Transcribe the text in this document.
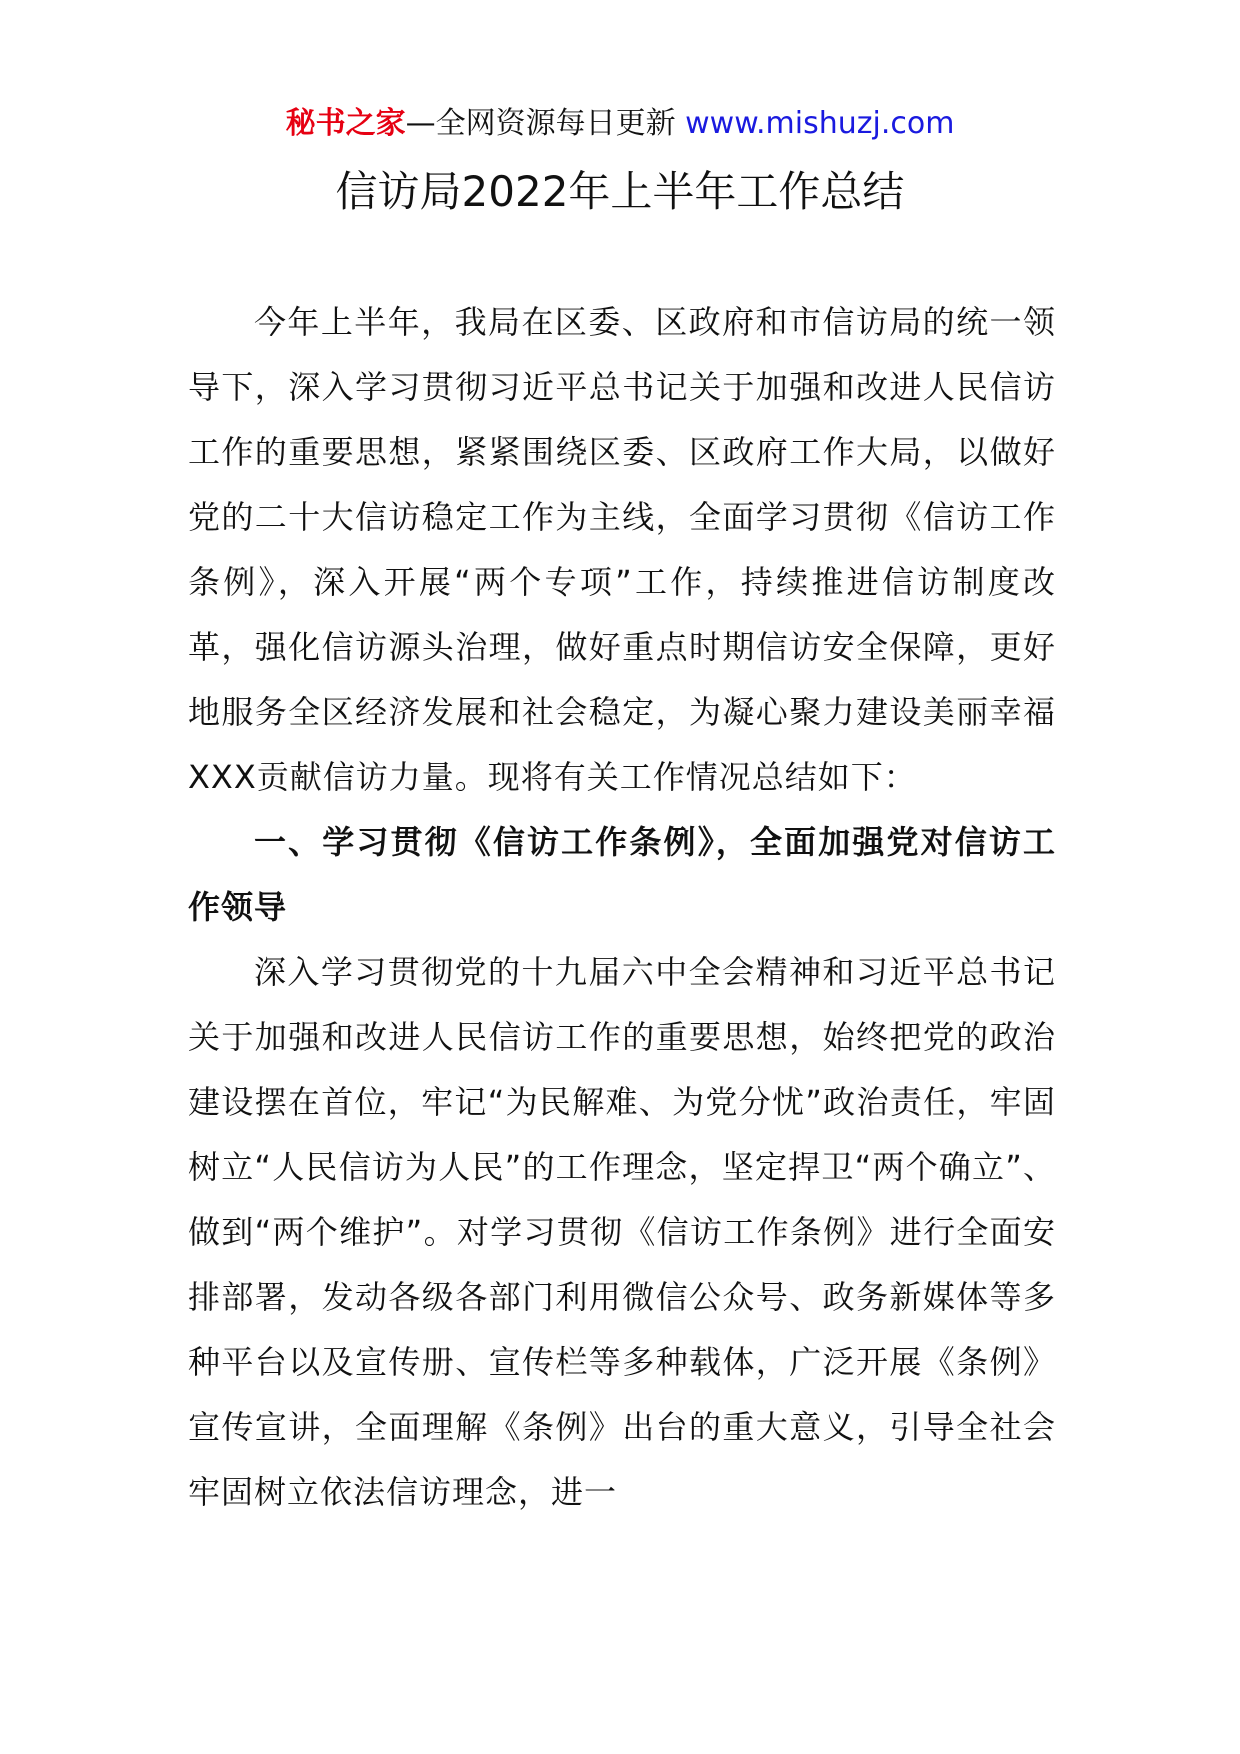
秘书之家—全网资源每日更新 www.mishuzj.com
信访局2022年上半年工作总结

今年上半年，我局在区委、区政府和市信访局的统一领导下，深入学习贯彻习近平总书记关于加强和改进人民信访工作的重要思想，紧紧围绕区委、区政府工作大局，以做好党的二十大信访稳定工作为主线，全面学习贯彻《信访工作条例》，深入开展“两个专项”工作，持续推进信访制度改革，强化信访源头治理，做好重点时期信访安全保障，更好地服务全区经济发展和社会稳定，为凝心聚力建设美丽幸福XXX贡献信访力量。现将有关工作情况总结如下：

一、学习贯彻《信访工作条例》，全面加强党对信访工作领导

深入学习贯彻党的十九届六中全会精神和习近平总书记关于加强和改进人民信访工作的重要思想，始终把党的政治建设摆在首位，牢记“为民解难、为党分忧”政治责任，牢固树立“人民信访为人民”的工作理念，坚定捍卫“两个确立”、做到“两个维护”。对学习贯彻《信访工作条例》进行全面安排部署，发动各级各部门利用微信公众号、政务新媒体等多种平台以及宣传册、宣传栏等多种载体，广泛开展《条例》宣传宣讲，全面理解《条例》出台的重大意义，引导全社会牢固树立依法信访理念，进一
